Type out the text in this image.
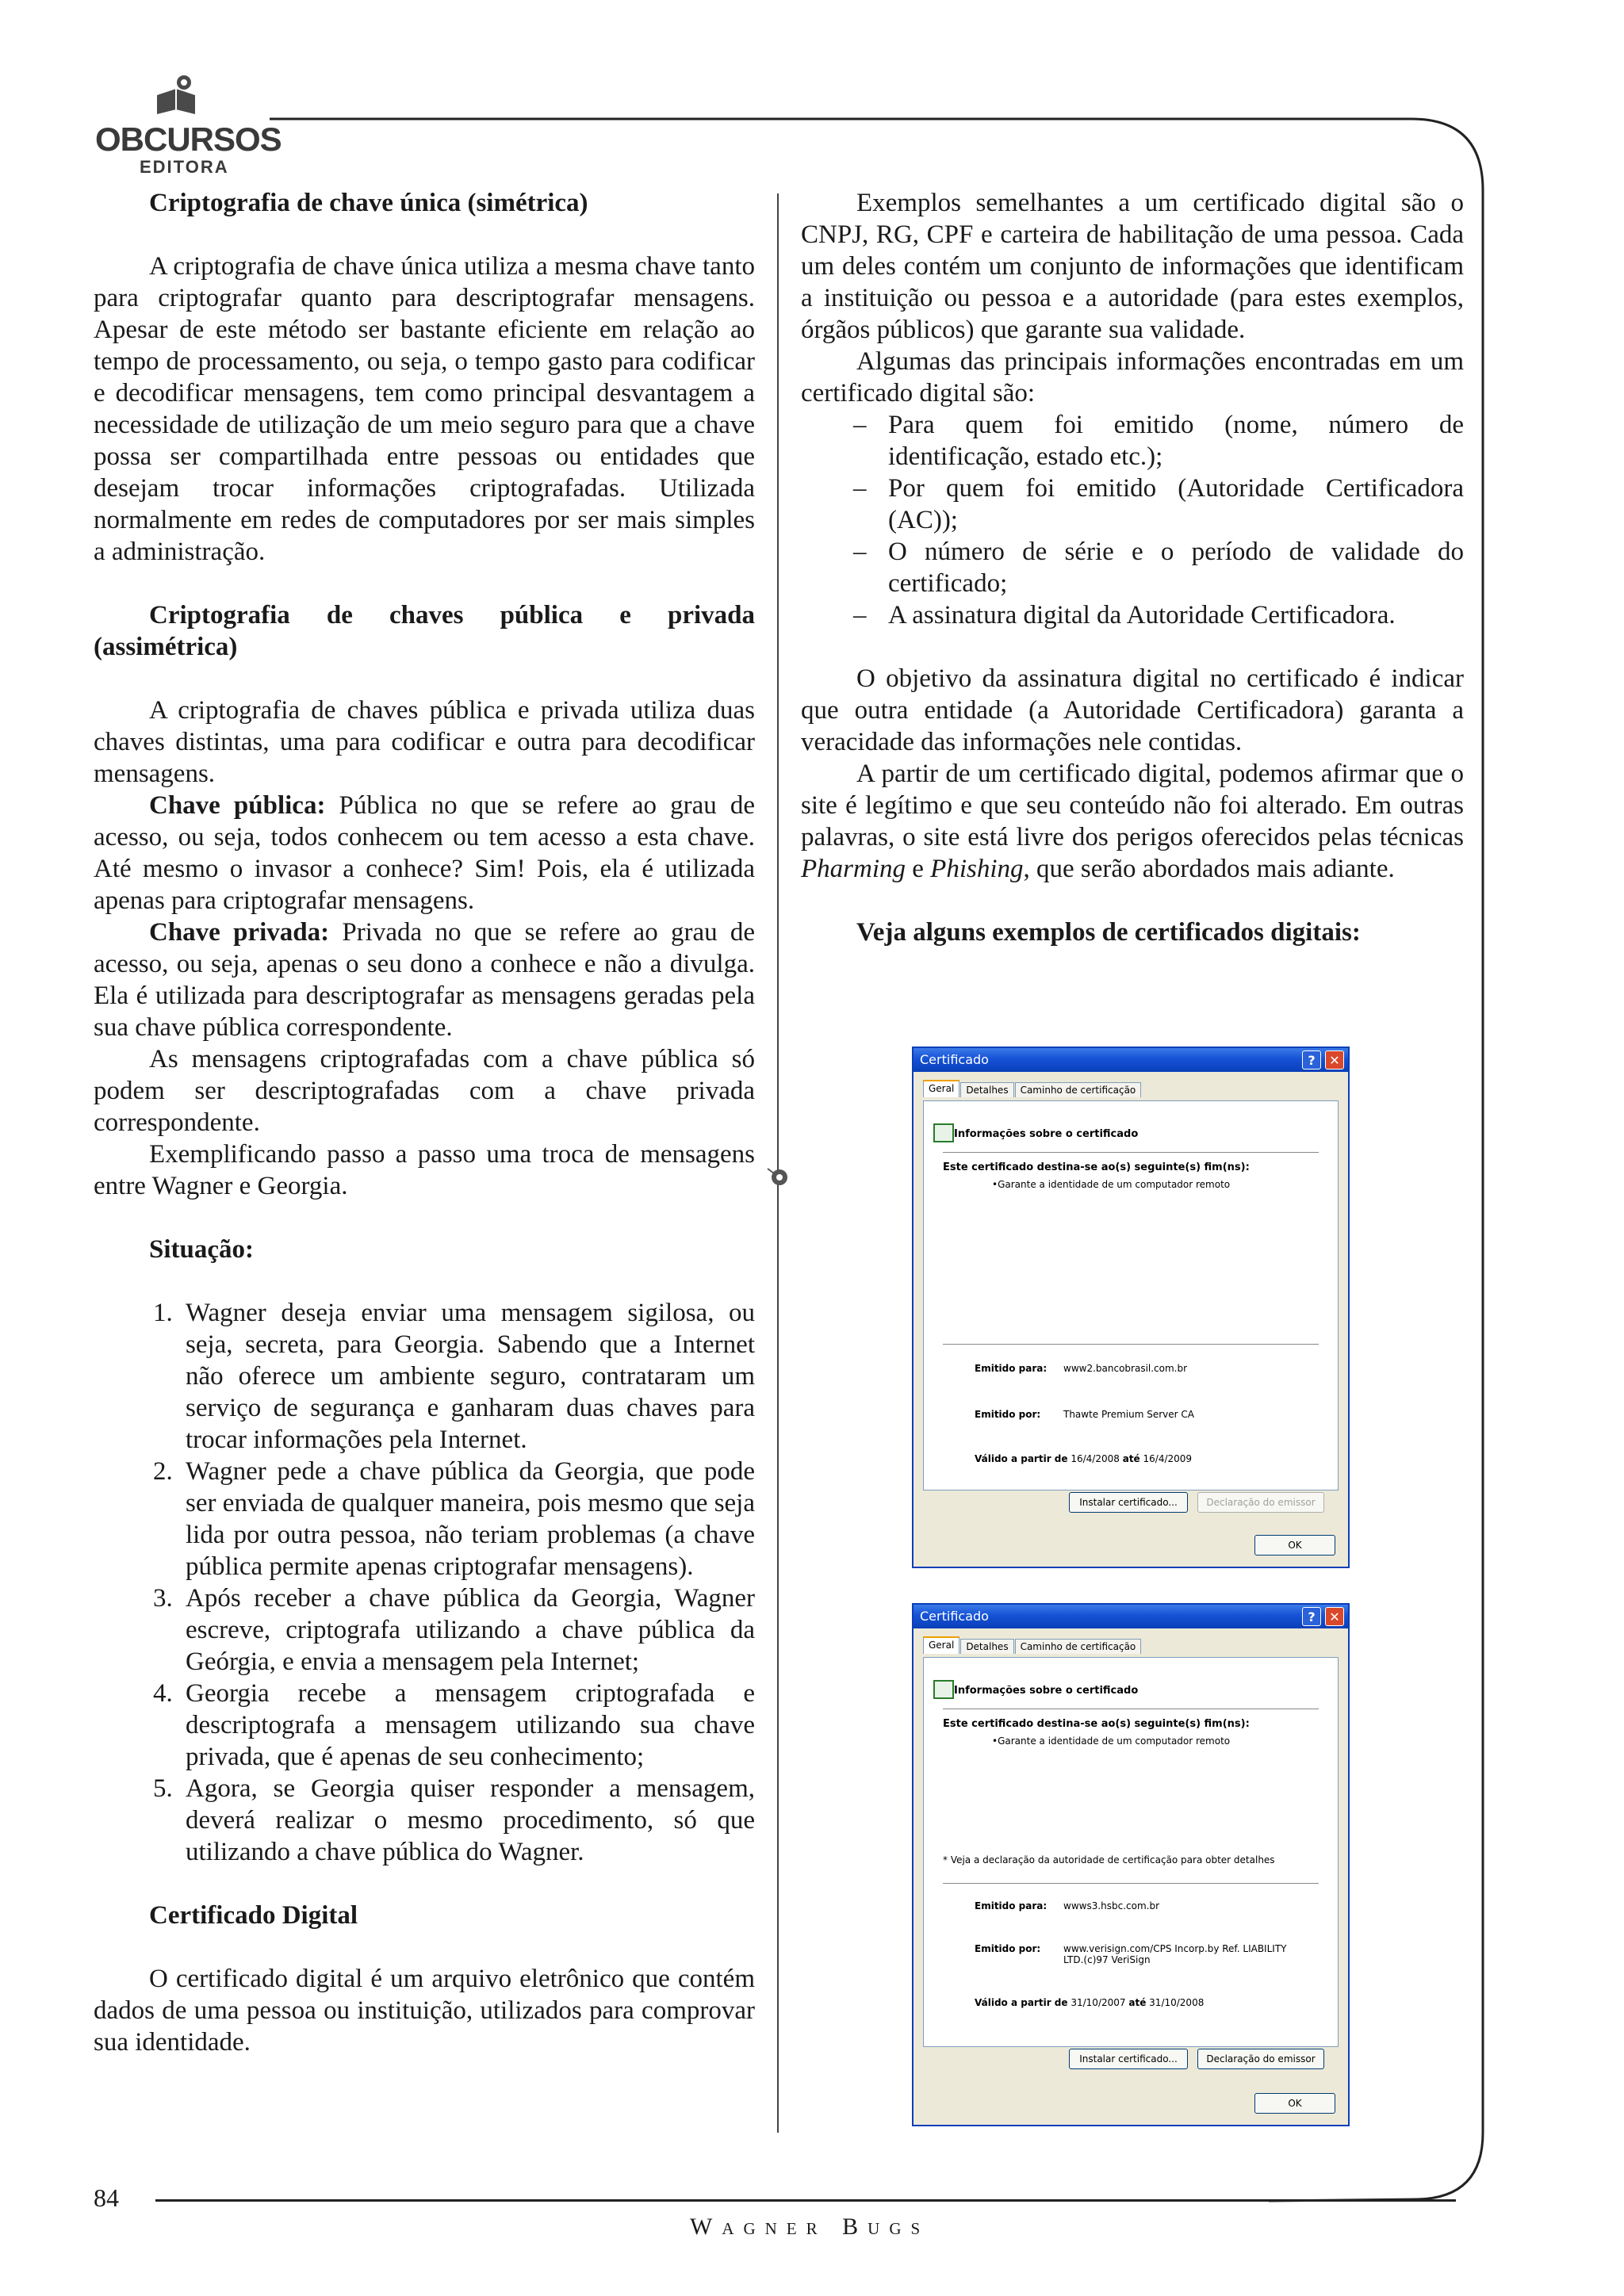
OBCURSOS
EDITORA
Criptografia de chave única (simétrica)

A criptografia de chave única utiliza a mesma chave tanto para criptografar quanto para descriptografar mensagens. Apesar de este método ser bastante eficiente em relação ao tempo de processamento, ou seja, o tempo gasto para codificar e decodificar mensagens, tem como principal desvantagem a necessidade de utilização de um meio seguro para que a chave possa ser compartilhada entre pessoas ou entidades que desejam trocar informações criptografadas. Utilizada normalmente em redes de computadores por ser mais simples a administração.

Criptografia de chaves pública e privada (assimétrica)

A criptografia de chaves pública e privada utiliza duas chaves distintas, uma para codificar e outra para decodificar mensagens.

Chave pública: Pública no que se refere ao grau de acesso, ou seja, todos conhecem ou tem acesso a esta chave. Até mesmo o invasor a conhece? Sim! Pois, ela é utilizada apenas para criptografar mensagens.

Chave privada: Privada no que se refere ao grau de acesso, ou seja, apenas o seu dono a conhece e não a divulga. Ela é utilizada para descriptografar as mensagens geradas pela sua chave pública correspondente.

As mensagens criptografadas com a chave pública só podem ser descriptografadas com a chave privada correspondente.

Exemplificando passo a passo uma troca de mensagens entre Wagner e Georgia.

Situação:
1. Wagner deseja enviar uma mensagem sigilosa, ou seja, secreta, para Georgia. Sabendo que a Internet não oferece um ambiente seguro, contrataram um serviço de segurança e ganharam duas chaves para trocar informações pela Internet.
2. Wagner pede a chave pública da Georgia, que pode ser enviada de qualquer maneira, pois mesmo que seja lida por outra pessoa, não teriam problemas (a chave pública permite apenas criptografar mensagens).
3. Após receber a chave pública da Georgia, Wagner escreve, criptografa utilizando a chave pública da Geórgia, e envia a mensagem pela Internet;
4. Georgia recebe a mensagem criptografada e descriptografa a mensagem utilizando sua chave privada, que é apenas de seu conhecimento;
5. Agora, se Georgia quiser responder a mensagem, deverá realizar o mesmo procedimento, só que utilizando a chave pública do Wagner.
Certificado Digital

O certificado digital é um arquivo eletrônico que contém dados de uma pessoa ou instituição, utilizados para comprovar sua identidade.

Exemplos semelhantes a um certificado digital são o CNPJ, RG, CPF e carteira de habilitação de uma pessoa. Cada um deles contém um conjunto de informações que identificam a instituição ou pessoa e a autoridade (para estes exemplos, órgãos públicos) que garante sua validade.

Algumas das principais informações encontradas em um certificado digital são:

– Para quem foi emitido (nome, número de identificação, estado etc.);
– Por quem foi emitido (Autoridade Certificadora (AC));
– O número de série e o período de validade do certificado;
– A assinatura digital da Autoridade Certificadora.

O objetivo da assinatura digital no certificado é indicar que outra entidade (a Autoridade Certificadora) garanta a veracidade das informações nele contidas.

A partir de um certificado digital, podemos afirmar que o site é legítimo e que seu conteúdo não foi alterado. Em outras palavras, o site está livre dos perigos oferecidos pelas técnicas Pharming e Phishing, que serão abordados mais adiante.

Veja alguns exemplos de certificados digitais:
Certificado	?	✕
Geral Detalhes Caminho de certificação
Informações sobre o certificado
Este certificado destina-se ao(s) seguinte(s) fim(ns):
•Garante a identidade de um computador remoto
Emitido para: www2.bancobrasil.com.br
Emitido por: Thawte Premium Server CA
Válido a partir de 16/4/2008 até 16/4/2009
Instalar certificado...	Declaração do emissor
OK
Certificado	?	✕
Geral Detalhes Caminho de certificação
Informações sobre o certificado
Este certificado destina-se ao(s) seguinte(s) fim(ns):
•Garante a identidade de um computador remoto
* Veja a declaração da autoridade de certificação para obter detalhes
Emitido para: wwws3.hsbc.com.br
Emitido por: www.verisign.com/CPS Incorp.by Ref. LIABILITY
LTD.(c)97 VeriSign
Válido a partir de 31/10/2007 até 31/10/2008
Instalar certificado...	Declaração do emissor
OK
84
Wagner Bugs
